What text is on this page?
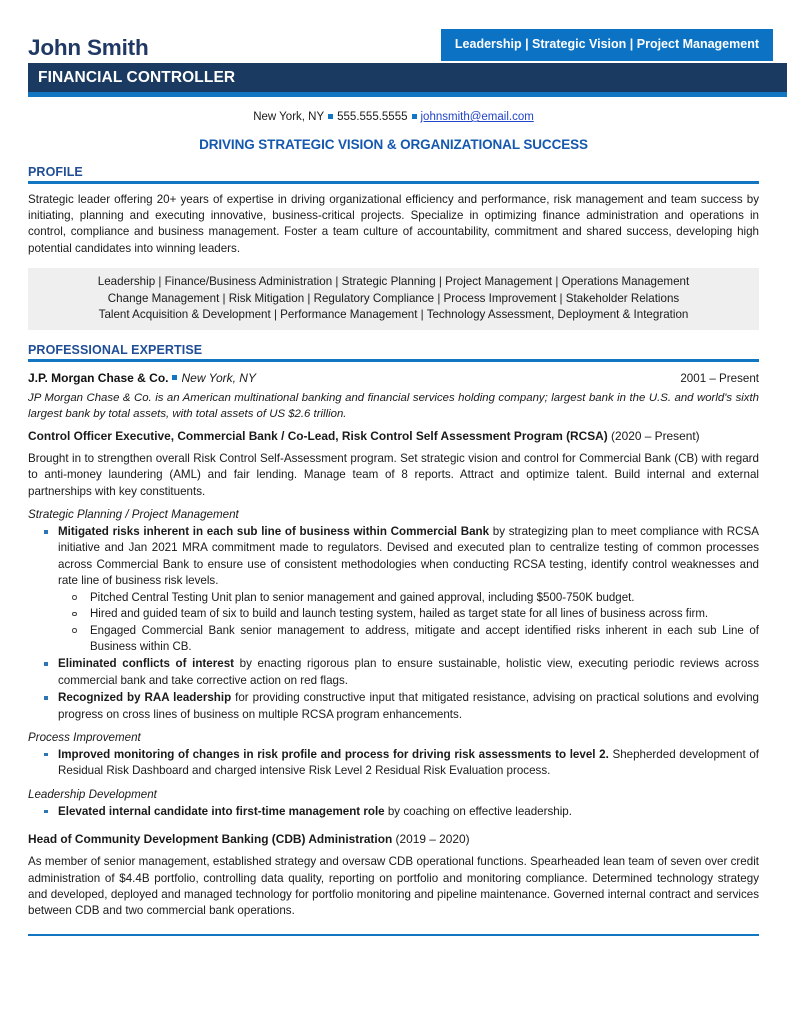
John Smith	Leadership | Strategic Vision | Project Management
FINANCIAL CONTROLLER
New York, NY 555.555.5555 johnsmith@email.com
DRIVING STRATEGIC VISION & ORGANIZATIONAL SUCCESS
PROFILE
Strategic leader offering 20+ years of expertise in driving organizational efficiency and performance, risk management and team success by initiating, planning and executing innovative, business-critical projects. Specialize in optimizing finance administration and operations in control, compliance and business management. Foster a team culture of accountability, commitment and shared success, developing high potential candidates into winning leaders.
Leadership | Finance/Business Administration | Strategic Planning | Project Management | Operations Management
Change Management | Risk Mitigation | Regulatory Compliance | Process Improvement | Stakeholder Relations
Talent Acquisition & Development | Performance Management | Technology Assessment, Deployment & Integration
PROFESSIONAL EXPERTISE
J.P. Morgan Chase & Co. New York, NY	2001 – Present
JP Morgan Chase & Co. is an American multinational banking and financial services holding company; largest bank in the U.S. and world's sixth largest bank by total assets, with total assets of US $2.6 trillion.
Control Officer Executive, Commercial Bank / Co-Lead, Risk Control Self Assessment Program (RCSA) (2020 – Present)
Brought in to strengthen overall Risk Control Self-Assessment program. Set strategic vision and control for Commercial Bank (CB) with regard to anti-money laundering (AML) and fair lending. Manage team of 8 reports. Attract and optimize talent. Build internal and external partnerships with key constituents.
Strategic Planning / Project Management
Mitigated risks inherent in each sub line of business within Commercial Bank by strategizing plan to meet compliance with RCSA initiative and Jan 2021 MRA commitment made to regulators. Devised and executed plan to centralize testing of common processes across Commercial Bank to ensure use of consistent methodologies when conducting RCSA testing, identify control weaknesses and rate line of business risk levels.
Pitched Central Testing Unit plan to senior management and gained approval, including $500-750K budget.
Hired and guided team of six to build and launch testing system, hailed as target state for all lines of business across firm.
Engaged Commercial Bank senior management to address, mitigate and accept identified risks inherent in each sub Line of Business within CB.
Eliminated conflicts of interest by enacting rigorous plan to ensure sustainable, holistic view, executing periodic reviews across commercial bank and take corrective action on red flags.
Recognized by RAA leadership for providing constructive input that mitigated resistance, advising on practical solutions and evolving progress on cross lines of business on multiple RCSA program enhancements.
Process Improvement
Improved monitoring of changes in risk profile and process for driving risk assessments to level 2. Shepherded development of Residual Risk Dashboard and charged intensive Risk Level 2 Residual Risk Evaluation process.
Leadership Development
Elevated internal candidate into first-time management role by coaching on effective leadership.
Head of Community Development Banking (CDB) Administration (2019 – 2020)
As member of senior management, established strategy and oversaw CDB operational functions. Spearheaded lean team of seven over credit administration of $4.4B portfolio, controlling data quality, reporting on portfolio and monitoring compliance. Determined technology strategy and developed, deployed and managed technology for portfolio monitoring and pipeline maintenance. Governed internal contract and services between CDB and two commercial bank operations.
